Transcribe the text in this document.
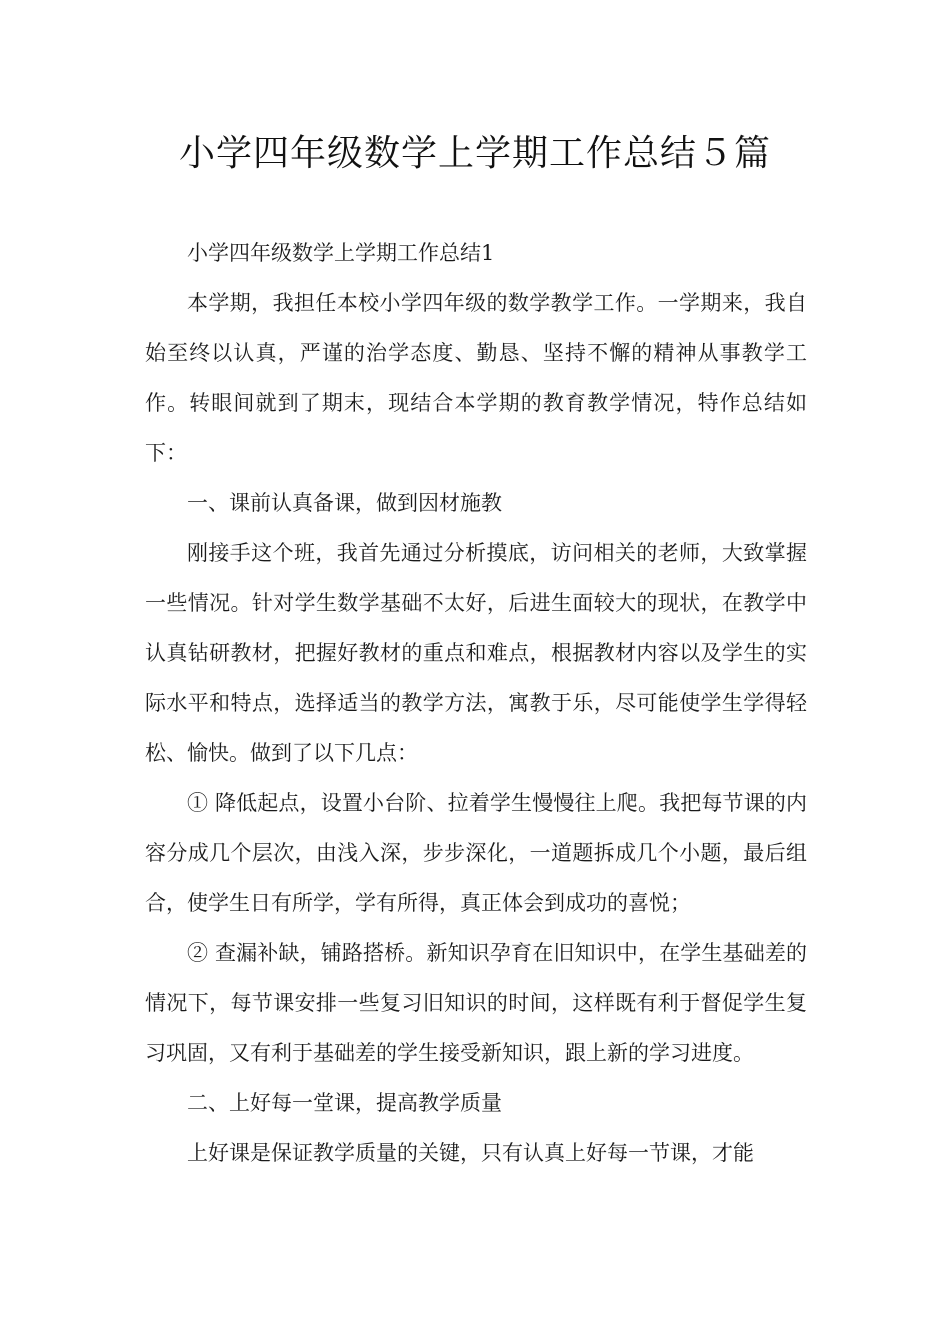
小学四年级数学上学期工作总结５篇

小学四年级数学上学期工作总结1

本学期，我担任本校小学四年级的数学教学工作。一学期来，我自始至终以认真，严谨的治学态度、勤恳、坚持不懈的精神从事教学工作。转眼间就到了期末，现结合本学期的教育教学情况，特作总结如下：

一、课前认真备课，做到因材施教

刚接手这个班，我首先通过分析摸底，访问相关的老师，大致掌握一些情况。针对学生数学基础不太好，后进生面较大的现状，在教学中认真钻研教材，把握好教材的重点和难点，根据教材内容以及学生的实际水平和特点，选择适当的教学方法，寓教于乐，尽可能使学生学得轻松、愉快。做到了以下几点：

① 降低起点，设置小台阶、拉着学生慢慢往上爬。我把每节课的内容分成几个层次，由浅入深，步步深化，一道题拆成几个小题，最后组合，使学生日有所学，学有所得，真正体会到成功的喜悦；

② 查漏补缺，铺路搭桥。新知识孕育在旧知识中，在学生基础差的情况下，每节课安排一些复习旧知识的时间，这样既有利于督促学生复习巩固，又有利于基础差的学生接受新知识，跟上新的学习进度。

二、上好每一堂课，提高教学质量

上好课是保证教学质量的关键，只有认真上好每一节课，才能
